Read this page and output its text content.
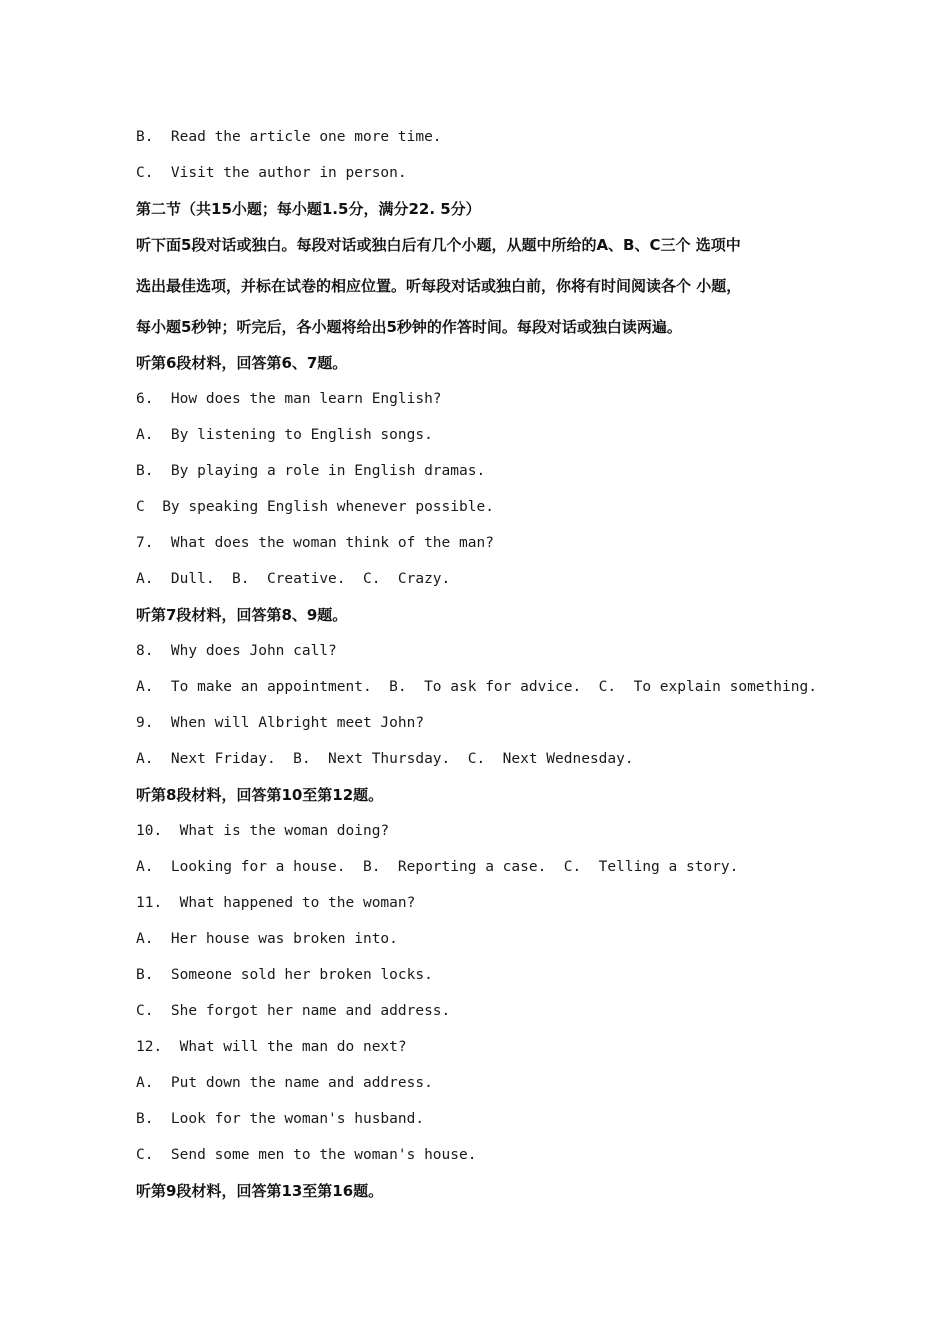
B.  Read the article one more time.
C.  Visit the author in person.
第二节（共15小题；每小题1.5分，满分22. 5分）
听下面5段对话或独白。每段对话或独白后有几个小题，从题中所给的A、B、C三个 选项中
选出最佳选项，并标在试卷的相应位置。听每段对话或独白前，你将有时间阅读各个 小题，
每小题5秒钟；听完后，各小题将给出5秒钟的作答时间。每段对话或独白读两遍。
听第6段材料，回答第6、7题。
6.  How does the man learn English?
A.  By listening to English songs.
B.  By playing a role in English dramas.
C  By speaking English whenever possible.
7.  What does the woman think of the man?
A.  Dull.  B.  Creative.  C.  Crazy.
听第7段材料，回答第8、9题。
8.  Why does John call?
A.  To make an appointment.  B.  To ask for advice.  C.  To explain something.
9.  When will Albright meet John?
A.  Next Friday.  B.  Next Thursday.  C.  Next Wednesday.
听第8段材料，回答第10至第12题。
10.  What is the woman doing?
A.  Looking for a house.  B.  Reporting a case.  C.  Telling a story.
11.  What happened to the woman?
A.  Her house was broken into.
B.  Someone sold her broken locks.
C.  She forgot her name and address.
12.  What will the man do next?
A.  Put down the name and address.
B.  Look for the woman's husband.
C.  Send some men to the woman's house.
听第9段材料，回答第13至第16题。
